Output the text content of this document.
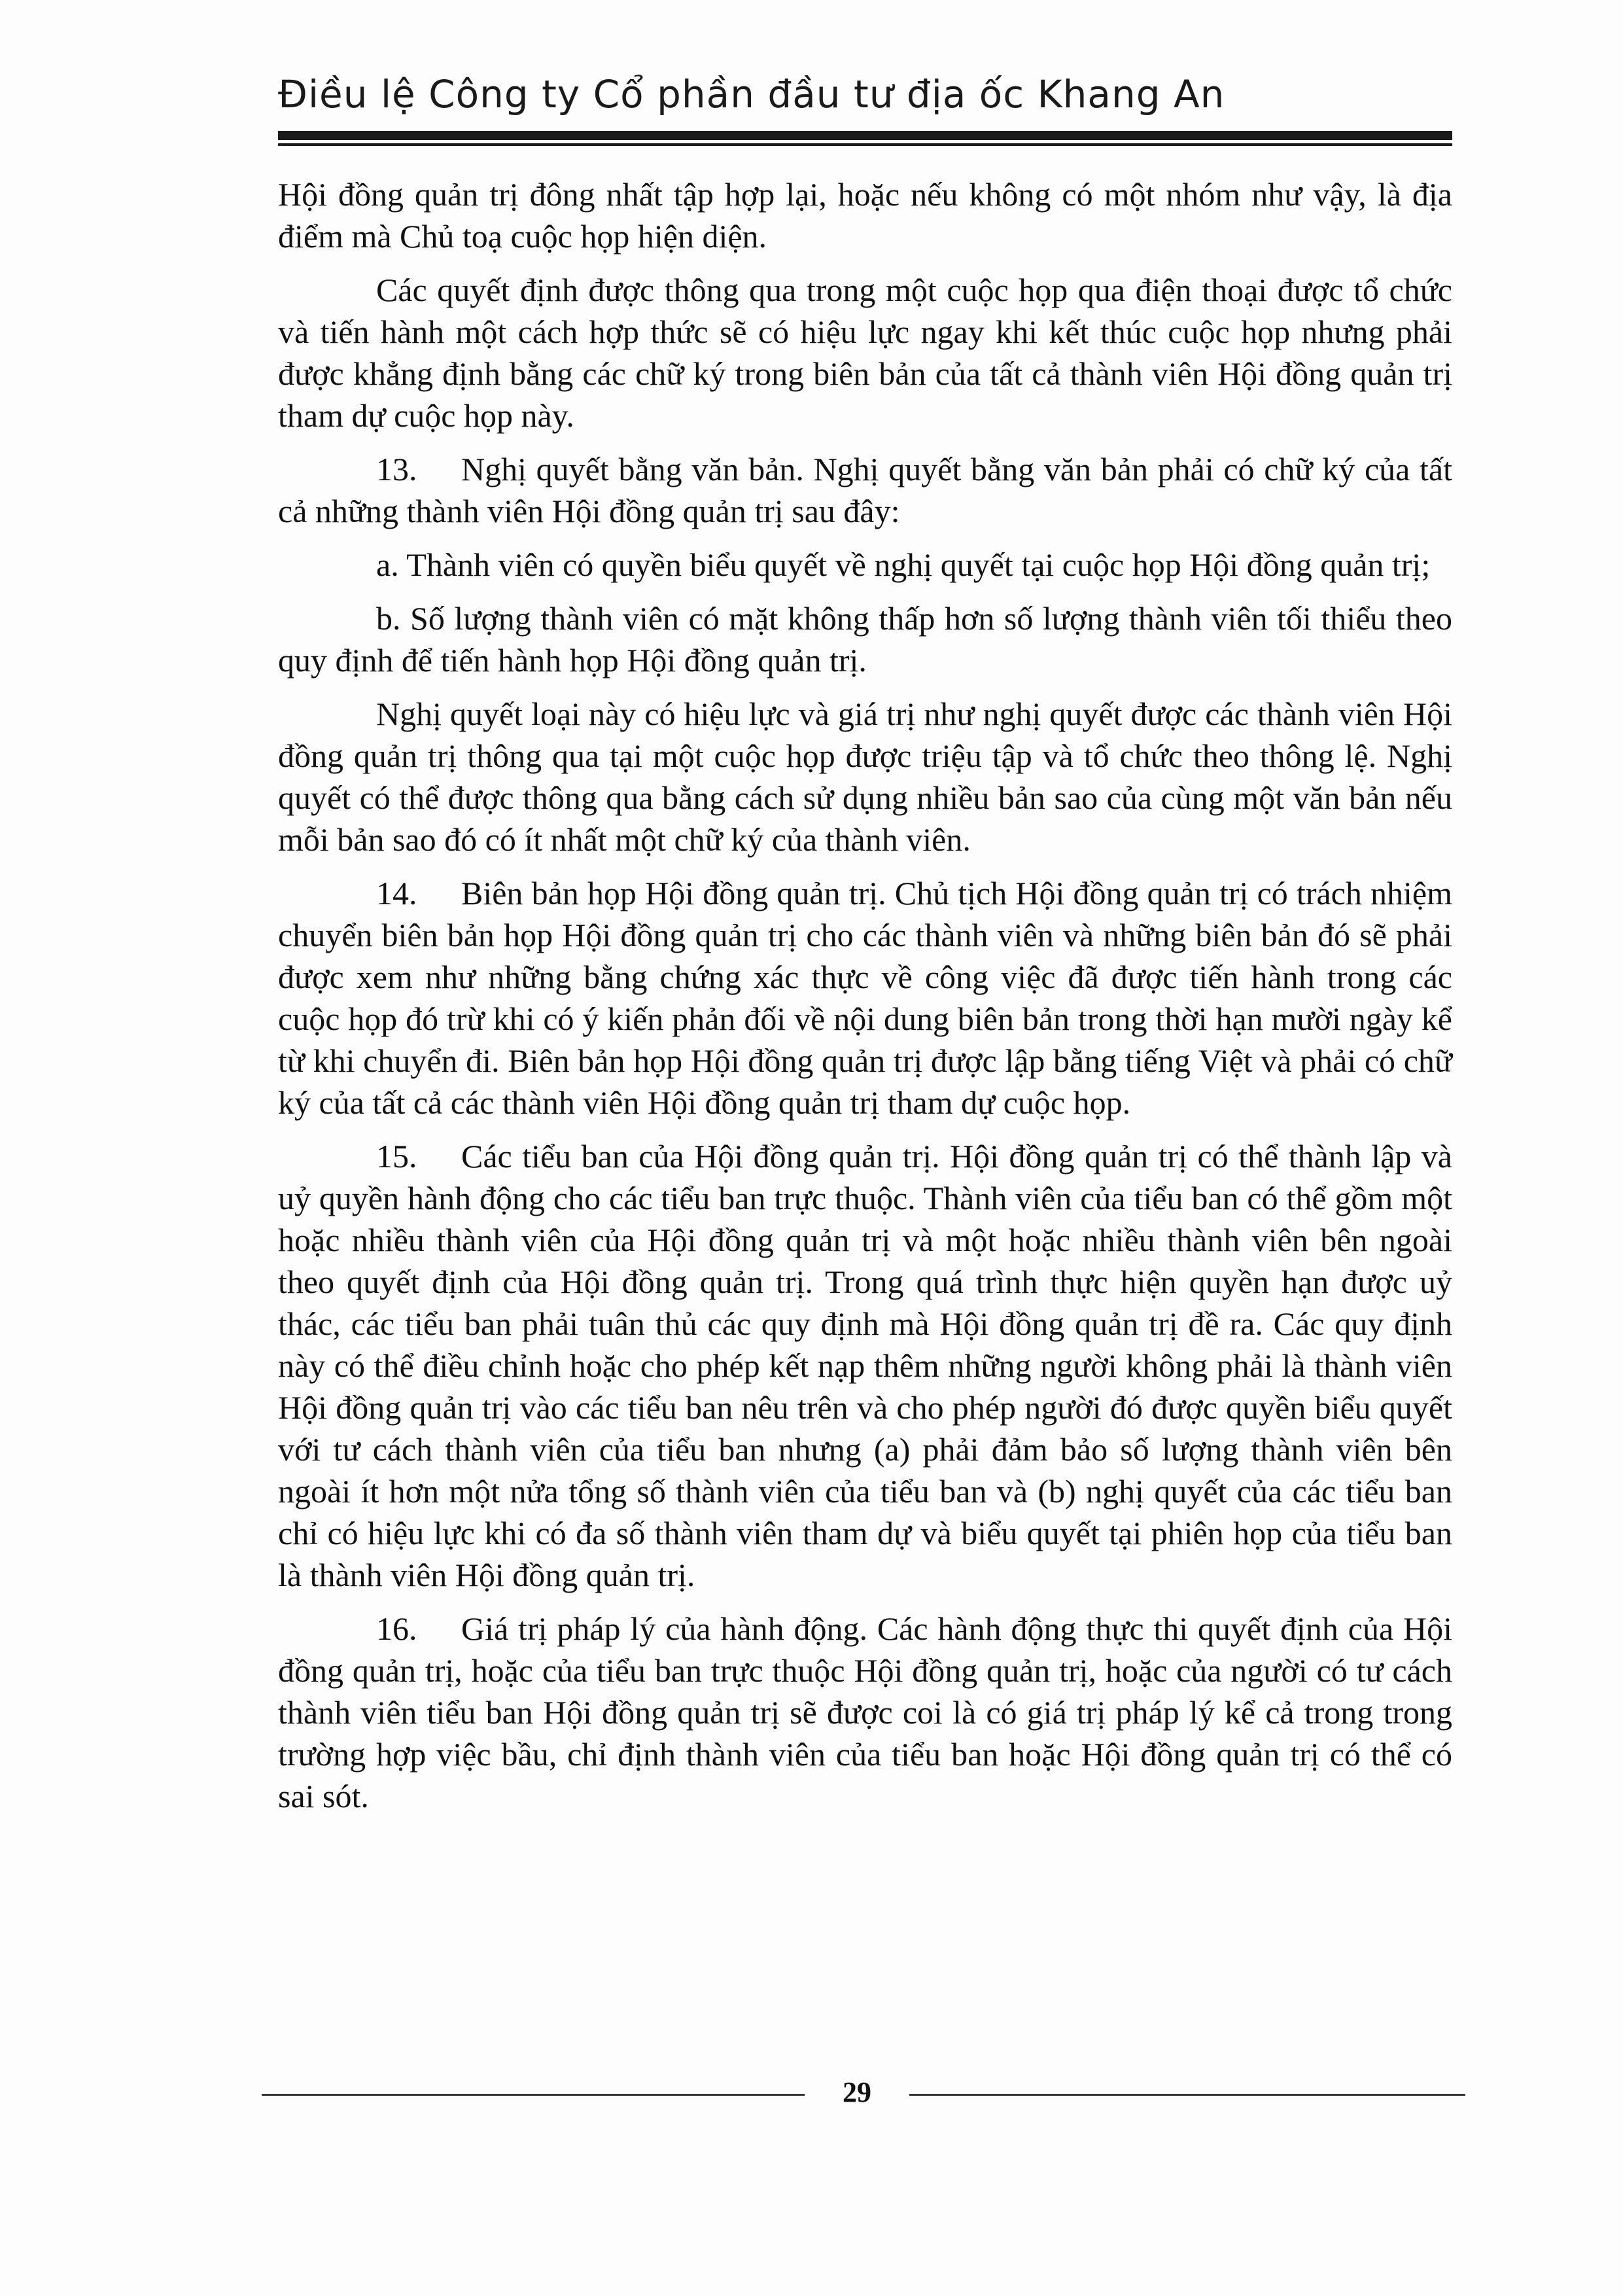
Điều lệ Công ty Cổ phần đầu tư địa ốc Khang An

Hội đồng quản trị đông nhất tập hợp lại, hoặc nếu không có một nhóm như vậy, là địa điểm mà Chủ toạ cuộc họp hiện diện.

Các quyết định được thông qua trong một cuộc họp qua điện thoại được tổ chức và tiến hành một cách hợp thức sẽ có hiệu lực ngay khi kết thúc cuộc họp nhưng phải được khẳng định bằng các chữ ký trong biên bản của tất cả thành viên Hội đồng quản trị tham dự cuộc họp này.

13. Nghị quyết bằng văn bản. Nghị quyết bằng văn bản phải có chữ ký của tất cả những thành viên Hội đồng quản trị sau đây:

a. Thành viên có quyền biểu quyết về nghị quyết tại cuộc họp Hội đồng quản trị;

b. Số lượng thành viên có mặt không thấp hơn số lượng thành viên tối thiểu theo quy định để tiến hành họp Hội đồng quản trị.

Nghị quyết loại này có hiệu lực và giá trị như nghị quyết được các thành viên Hội đồng quản trị thông qua tại một cuộc họp được triệu tập và tổ chức theo thông lệ. Nghị quyết có thể được thông qua bằng cách sử dụng nhiều bản sao của cùng một văn bản nếu mỗi bản sao đó có ít nhất một chữ ký của thành viên.

14. Biên bản họp Hội đồng quản trị. Chủ tịch Hội đồng quản trị có trách nhiệm chuyển biên bản họp Hội đồng quản trị cho các thành viên và những biên bản đó sẽ phải được xem như những bằng chứng xác thực về công việc đã được tiến hành trong các cuộc họp đó trừ khi có ý kiến phản đối về nội dung biên bản trong thời hạn mười ngày kể từ khi chuyển đi. Biên bản họp Hội đồng quản trị được lập bằng tiếng Việt và phải có chữ ký của tất cả các thành viên Hội đồng quản trị tham dự cuộc họp.

15. Các tiểu ban của Hội đồng quản trị. Hội đồng quản trị có thể thành lập và uỷ quyền hành động cho các tiểu ban trực thuộc. Thành viên của tiểu ban có thể gồm một hoặc nhiều thành viên của Hội đồng quản trị và một hoặc nhiều thành viên bên ngoài theo quyết định của Hội đồng quản trị. Trong quá trình thực hiện quyền hạn được uỷ thác, các tiểu ban phải tuân thủ các quy định mà Hội đồng quản trị đề ra. Các quy định này có thể điều chỉnh hoặc cho phép kết nạp thêm những người không phải là thành viên Hội đồng quản trị vào các tiểu ban nêu trên và cho phép người đó được quyền biểu quyết với tư cách thành viên của tiểu ban nhưng (a) phải đảm bảo số lượng thành viên bên ngoài ít hơn một nửa tổng số thành viên của tiểu ban và (b) nghị quyết của các tiểu ban chỉ có hiệu lực khi có đa số thành viên tham dự và biểu quyết tại phiên họp của tiểu ban là thành viên Hội đồng quản trị.

16. Giá trị pháp lý của hành động. Các hành động thực thi quyết định của Hội đồng quản trị, hoặc của tiểu ban trực thuộc Hội đồng quản trị, hoặc của người có tư cách thành viên tiểu ban Hội đồng quản trị sẽ được coi là có giá trị pháp lý kể cả trong trong trường hợp việc bầu, chỉ định thành viên của tiểu ban hoặc Hội đồng quản trị có thể có sai sót.

29
